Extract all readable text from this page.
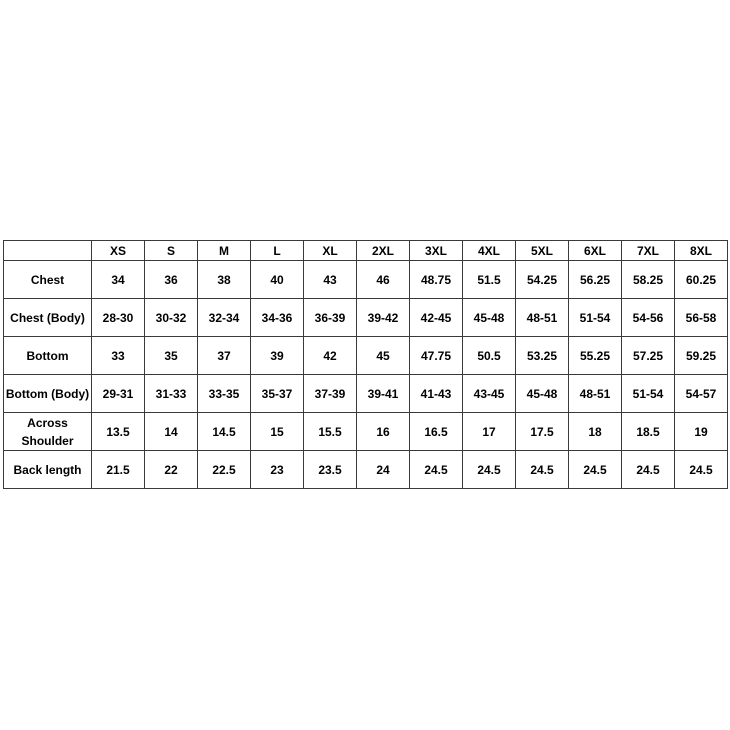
	XS	S	M	L	XL	2XL	3XL	4XL	5XL	6XL	7XL	8XL
Chest	34	36	38	40	43	46	48.75	51.5	54.25	56.25	58.25	60.25
Chest (Body)	28-30	30-32	32-34	34-36	36-39	39-42	42-45	45-48	48-51	51-54	54-56	56-58
Bottom	33	35	37	39	42	45	47.75	50.5	53.25	55.25	57.25	59.25
Bottom (Body)	29-31	31-33	33-35	35-37	37-39	39-41	41-43	43-45	45-48	48-51	51-54	54-57
Across Shoulder	13.5	14	14.5	15	15.5	16	16.5	17	17.5	18	18.5	19
Back length	21.5	22	22.5	23	23.5	24	24.5	24.5	24.5	24.5	24.5	24.5
